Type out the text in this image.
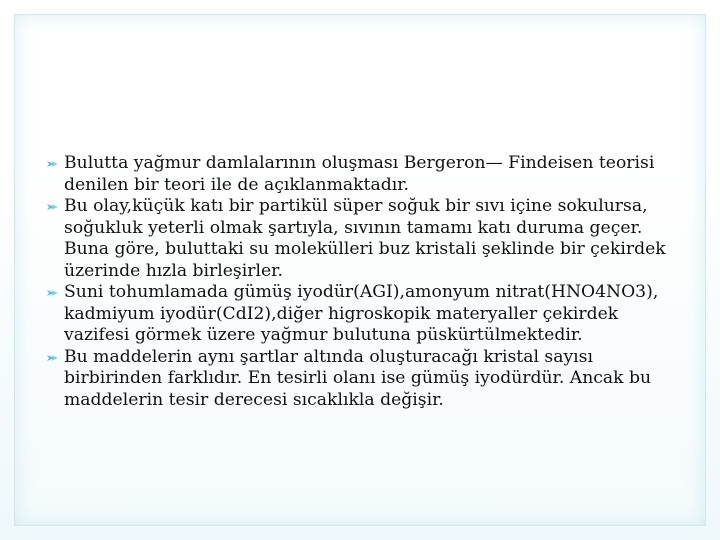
Bulutta yağmur damlalarının oluşması Bergeron— Findeisen teorisi denilen bir teori ile de açıklanmaktadır.
Bu olay,küçük katı bir partikül süper soğuk bir sıvı içine sokulursa, soğukluk yeterli olmak şartıyla, sıvının tamamı katı duruma geçer. Buna göre, buluttaki su molekülleri buz kristali şeklinde bir çekirdek üzerinde hızla birleşirler.
Suni tohumlamada gümüş iyodür(AGI),amonyum nitrat(HNO4NO3), kadmiyum iyodür(CdI2),diğer higroskopik materyaller çekirdek vazifesi görmek üzere yağmur bulutuna püskürtülmektedir.
Bu maddelerin aynı şartlar altında oluşturacağı kristal sayısı birbirinden farklıdır. En tesirli olanı ise gümüş iyodürdür. Ancak bu maddelerin tesir derecesi sıcaklıkla değişir.
